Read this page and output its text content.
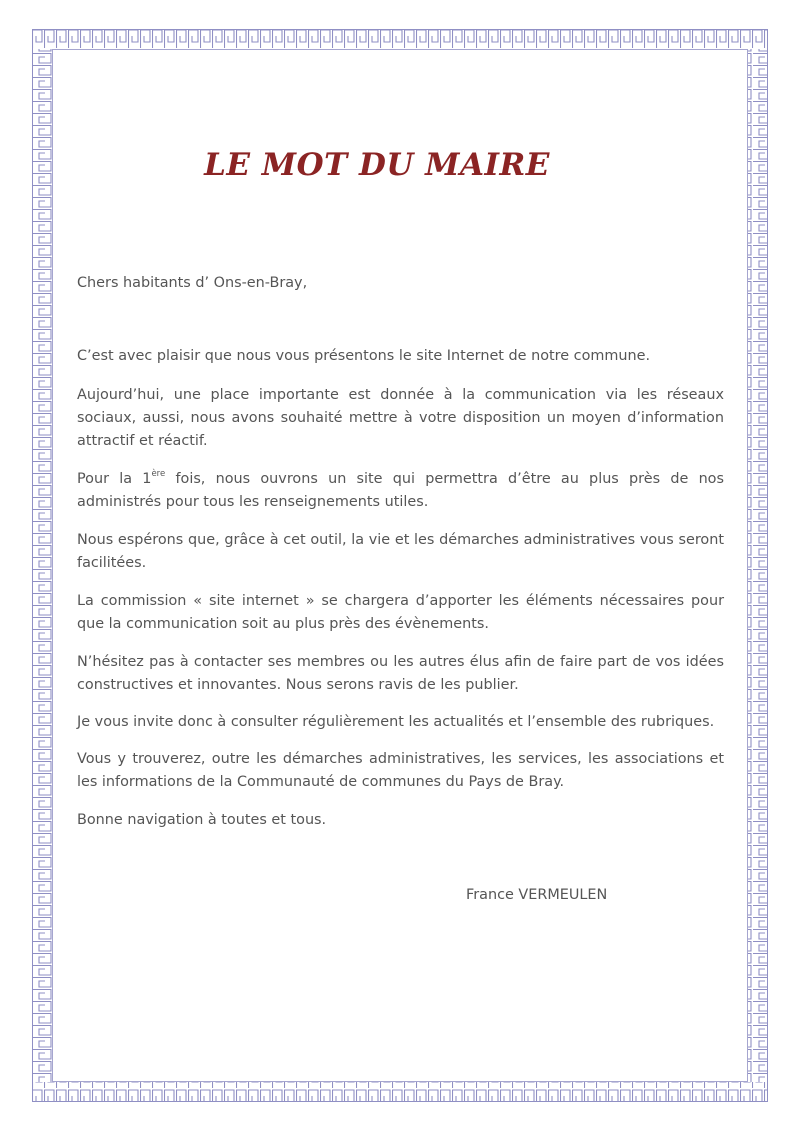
LE MOT DU MAIRE

Chers habitants d’ Ons-en-Bray,

C’est avec plaisir que nous vous présentons le site Internet de notre commune.

Aujourd’hui, une place importante est donnée à la communication via les réseaux sociaux, aussi, nous avons souhaité mettre à votre disposition un moyen d’information attractif et réactif.

Pour la 1ère fois, nous ouvrons un site qui permettra d’être au plus près de nos administrés pour tous les renseignements utiles.

Nous espérons que, grâce à cet outil, la vie et les démarches administratives vous seront facilitées.

La commission « site internet » se chargera d’apporter les éléments nécessaires pour que la communication soit au plus près des évènements.

N’hésitez pas à contacter ses membres ou les autres élus afin de faire part de vos idées constructives et innovantes. Nous serons ravis de les publier.

Je vous invite donc à consulter régulièrement les actualités et l’ensemble des rubriques.

Vous y trouverez, outre les démarches administratives, les services, les associations et les informations de la Communauté de communes du Pays de Bray.

Bonne navigation à toutes et tous.

France VERMEULEN
